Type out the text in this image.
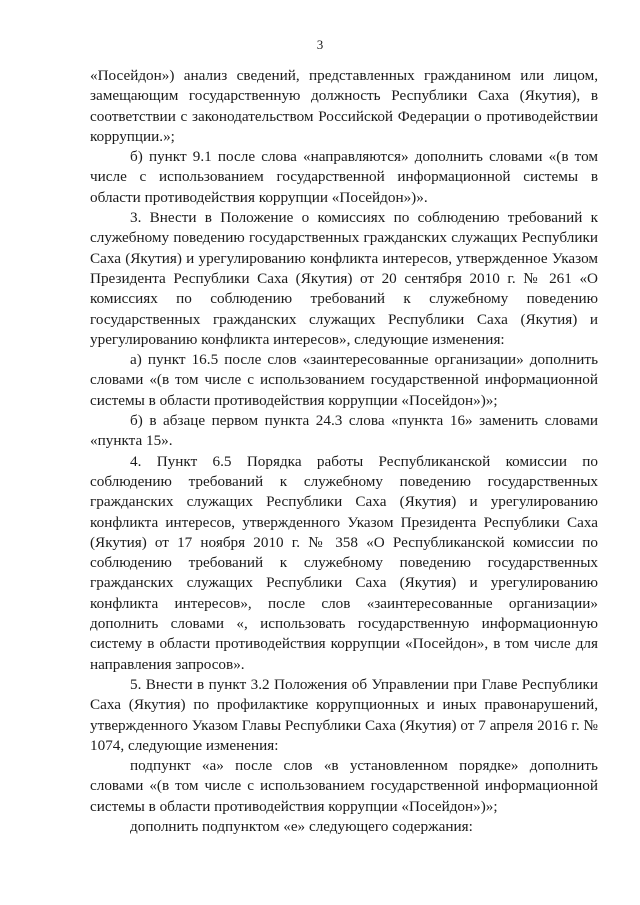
3

«Посейдон») анализ сведений, представленных гражданином или лицом, замещающим государственную должность Республики Саха (Якутия), в соответствии с законодательством Российской Федерации о противодействии коррупции.»;

б) пункт 9.1 после слова «направляются» дополнить словами «(в том числе с использованием государственной информационной системы в области противодействия коррупции «Посейдон»)».

3. Внести в Положение о комиссиях по соблюдению требований к служебному поведению государственных гражданских служащих Республики Саха (Якутия) и урегулированию конфликта интересов, утвержденное Указом Президента Республики Саха (Якутия) от 20 сентября 2010 г. № 261 «О комиссиях по соблюдению требований к служебному поведению государственных гражданских служащих Республики Саха (Якутия) и урегулированию конфликта интересов», следующие изменения:

а) пункт 16.5 после слов «заинтересованные организации» дополнить словами «(в том числе с использованием государственной информационной системы в области противодействия коррупции «Посейдон»)»;

б) в абзаце первом пункта 24.3 слова «пункта 16» заменить словами «пункта 15».

4. Пункт 6.5 Порядка работы Республиканской комиссии по соблюдению требований к служебному поведению государственных гражданских служащих Республики Саха (Якутия) и урегулированию конфликта интересов, утвержденного Указом Президента Республики Саха (Якутия) от 17 ноября 2010 г. № 358 «О Республиканской комиссии по соблюдению требований к служебному поведению государственных гражданских служащих Республики Саха (Якутия) и урегулированию конфликта интересов», после слов «заинтересованные организации» дополнить словами «, использовать государственную информационную систему в области противодействия коррупции «Посейдон», в том числе для направления запросов».

5. Внести в пункт 3.2 Положения об Управлении при Главе Республики Саха (Якутия) по профилактике коррупционных и иных правонарушений, утвержденного Указом Главы Республики Саха (Якутия) от 7 апреля 2016 г. № 1074, следующие изменения:

подпункт «а» после слов «в установленном порядке» дополнить словами «(в том числе с использованием государственной информационной системы в области противодействия коррупции «Посейдон»)»;

дополнить подпунктом «е» следующего содержания:
